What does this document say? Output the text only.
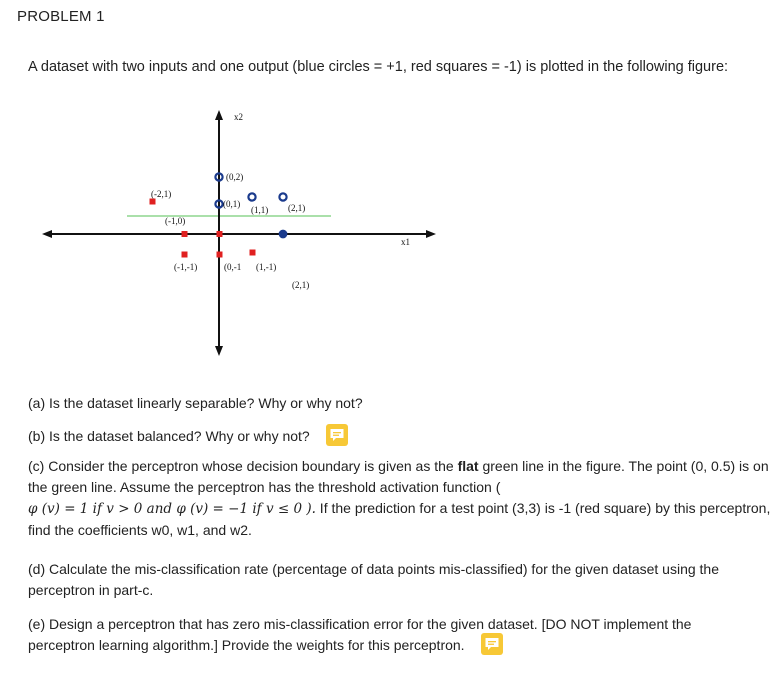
PROBLEM 1
A dataset with two inputs and one output (blue circles = +1, red squares = -1) is plotted in the following figure:
x2
x1
(0,2)
(0,1)
(1,1) (2,1)
(-2,1)
(-1,0)
(-1,-1)	(0,-1 (1,-1)
(2,1)

(a) Is the dataset linearly separable? Why or why not?

(b) Is the dataset balanced? Why or why not?

(c) Consider the perceptron whose decision boundary is given as the flat green line in the figure. The point (0, 0.5) is on the green line. Assume the perceptron has the threshold activation function (
φ (v) = 1 if v > 0 and φ (v) = −1 if v ≤ 0 ). If the prediction for a test point (3,3) is -1 (red square) by this perceptron, find the coefficients w0, w1, and w2.

(d) Calculate the mis-classification rate (percentage of data points mis-classified) for the given dataset using the perceptron in part-c.

(e) Design a perceptron that has zero mis-classification error for the given dataset. [DO NOT implement the perceptron learning algorithm.] Provide the weights for this perceptron.
